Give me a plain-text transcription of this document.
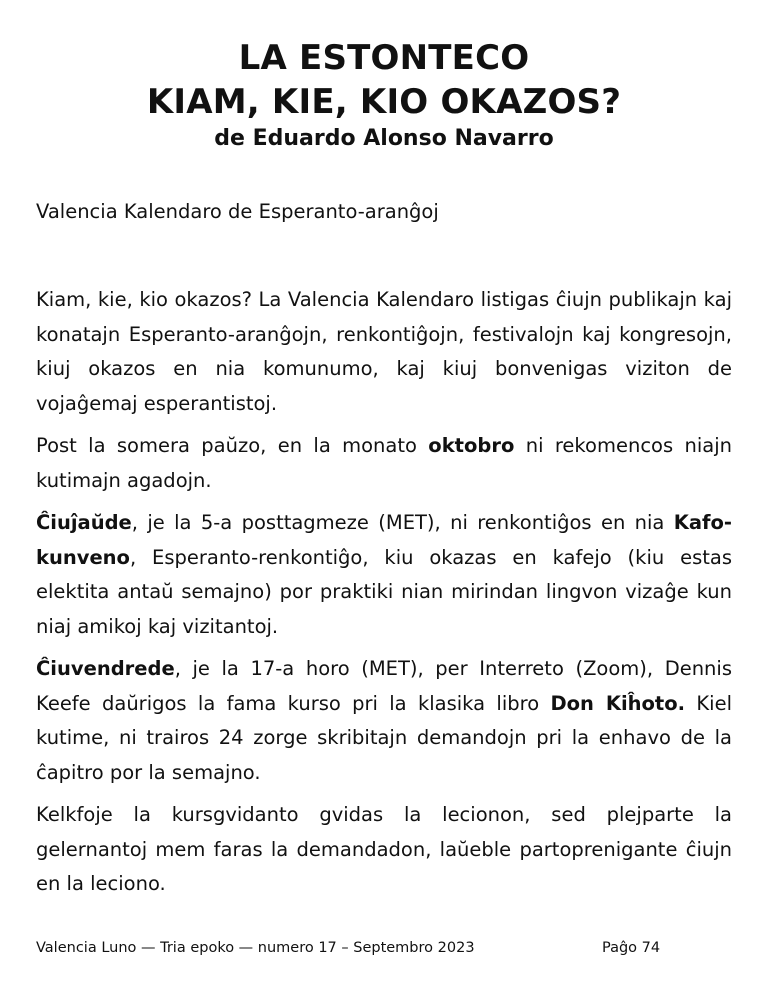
LA ESTONTECO
KIAM, KIE, KIO OKAZOS?
de Eduardo Alonso Navarro
Valencia Kalendaro de Esperanto-aranĝoj

Kiam, kie, kio okazos? La Valencia Kalendaro listigas ĉiujn publikajn kaj konatajn Esperanto-aranĝojn, renkontiĝojn, festivalojn kaj kongresojn, kiuj okazos en nia komunumo, kaj kiuj bonvenigas viziton de vojaĝemaj esperantistoj.

Post la somera paŭzo, en la monato oktobro ni rekomencos niajn kutimajn agadojn.

Ĉiuĵaŭde, je la 5-a posttagmeze (MET), ni renkontiĝos en nia Kafo-kunveno, Esperanto-renkontiĝo, kiu okazas en kafejo (kiu estas elektita antaŭ semajno) por praktiki nian mirindan lingvon vizaĝe kun niaj amikoj kaj vizitantoj.

Ĉiuvendrede, je la 17-a horo (MET), per Interreto (Zoom), Dennis Keefe daŭrigos la fama kurso pri la klasika libro Don Kiĥoto. Kiel kutime, ni trairos 24 zorge skribitajn demandojn pri la enhavo de la ĉapitro por la semajno.

Kelkfoje la kursgvidanto gvidas la lecionon, sed plejparte la gelernantoj mem faras la demandadon, laŭeble partoprenigante ĉiujn en la leciono.

Valencia Luno — Tria epoko — numero 17 – Septembro 2023	Paĝo 74
